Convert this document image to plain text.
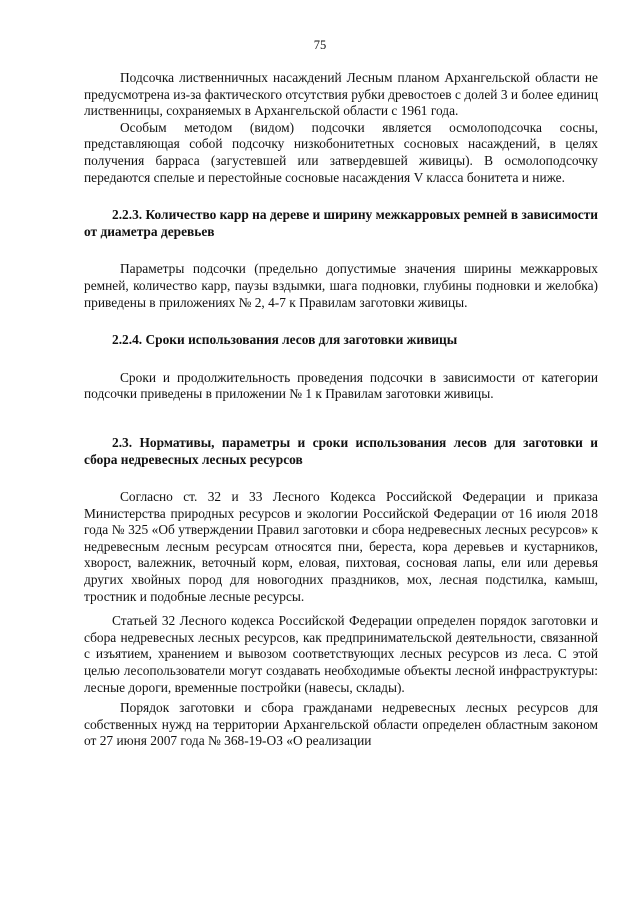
75

Подсочка лиственничных насаждений Лесным планом Архангельской области не предусмотрена из-за фактического отсутствия рубки древостоев с долей 3 и более единиц лиственницы, сохраняемых в Архангельской области с 1961 года.

Особым методом (видом) подсочки является осмолоподсочка сосны, представляющая собой подсочку низкобонитетных сосновых насаждений, в целях получения барраса (загустевшей или затвердевшей живицы). В осмолоподсочку передаются спелые и перестойные сосновые насаждения V класса бонитета и ниже.

2.2.3. Количество карр на дереве и ширину межкарровых ремней в зависимости от диаметра деревьев

Параметры подсочки (предельно допустимые значения ширины межкарровых ремней, количество карр, паузы вздымки, шага подновки, глубины подновки и желобка) приведены в приложениях № 2, 4-7 к Правилам заготовки живицы.

2.2.4. Сроки использования лесов для заготовки живицы

Сроки и продолжительность проведения подсочки в зависимости от категории подсочки приведены в приложении № 1 к Правилам заготовки живицы.

2.3. Нормативы, параметры и сроки использования лесов для заготовки и сбора недревесных лесных ресурсов

Согласно ст. 32 и 33 Лесного Кодекса Российской Федерации и приказа Министерства природных ресурсов и экологии Российской Федерации от 16 июля 2018 года № 325 «Об утверждении Правил заготовки и сбора недревесных лесных ресурсов» к недревесным лесным ресурсам относятся пни, береста, кора деревьев и кустарников, хворост, валежник, веточный корм, еловая, пихтовая, сосновая лапы, ели или деревья других хвойных пород для новогодних праздников, мох, лесная подстилка, камыш, тростник и подобные лесные ресурсы.

Статьей 32 Лесного кодекса Российской Федерации определен порядок заготовки и сбора недревесных лесных ресурсов, как предпринимательской деятельности, связанной с изъятием, хранением и вывозом соответствующих лесных ресурсов из леса. С этой целью лесопользователи могут создавать необходимые объекты лесной инфраструктуры: лесные дороги, временные постройки (навесы, склады).

Порядок заготовки и сбора гражданами недревесных лесных ресурсов для собственных нужд на территории Архангельской области определен областным законом от 27 июня 2007 года № 368-19-ОЗ «О реализации
